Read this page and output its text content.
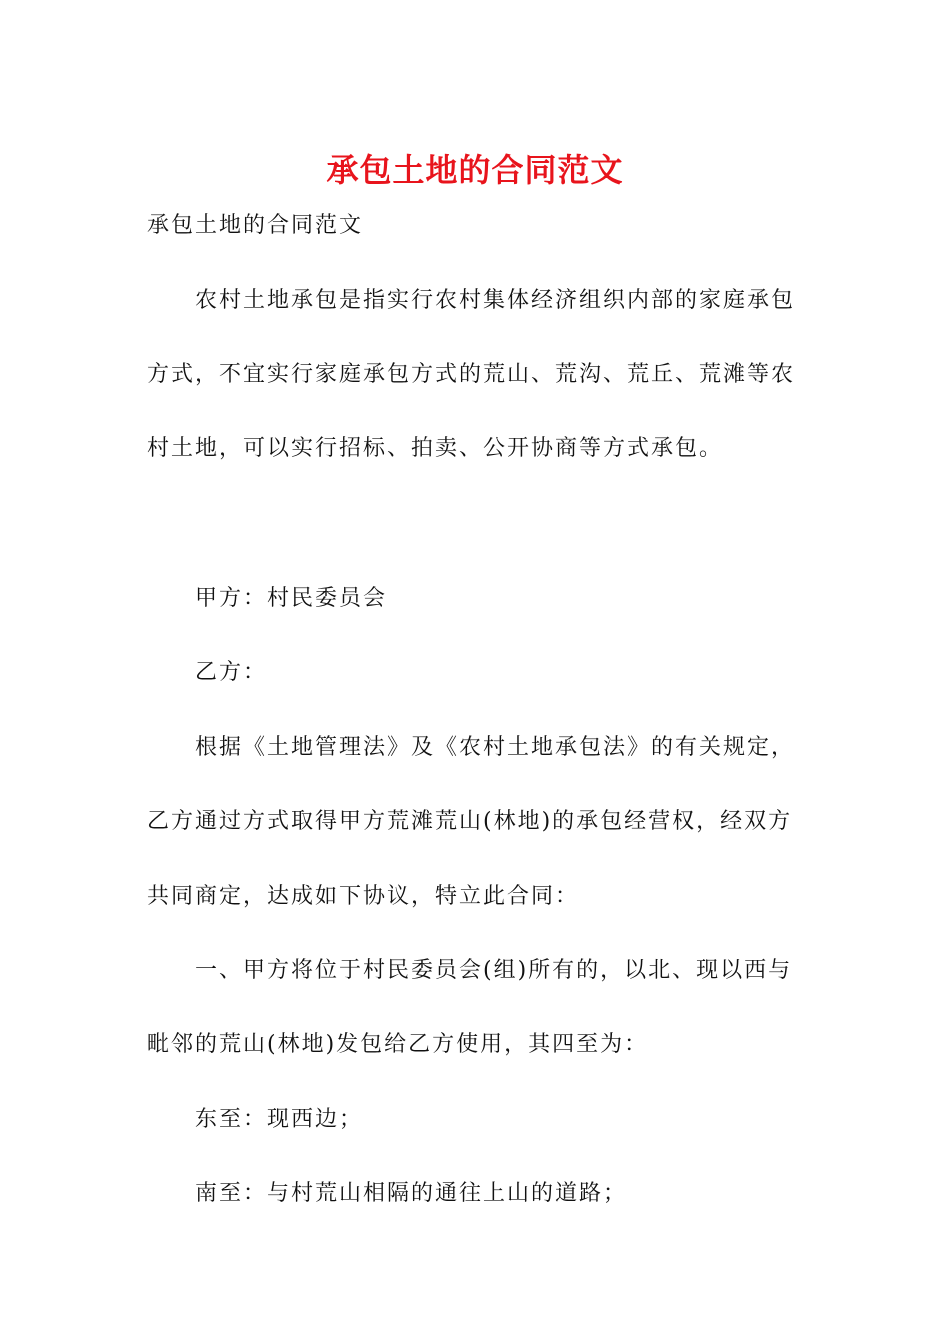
承包土地的合同范文

承包土地的合同范文

农村土地承包是指实行农村集体经济组织内部的家庭承包

方式，不宜实行家庭承包方式的荒山、荒沟、荒丘、荒滩等农

村土地，可以实行招标、拍卖、公开协商等方式承包。

甲方：村民委员会

乙方：

根据《土地管理法》及《农村土地承包法》的有关规定，

乙方通过方式取得甲方荒滩荒山(林地)的承包经营权，经双方

共同商定，达成如下协议，特立此合同：

一、甲方将位于村民委员会(组)所有的，以北、现以西与

毗邻的荒山(林地)发包给乙方使用，其四至为：

东至：现西边；

南至：与村荒山相隔的通往上山的道路；
